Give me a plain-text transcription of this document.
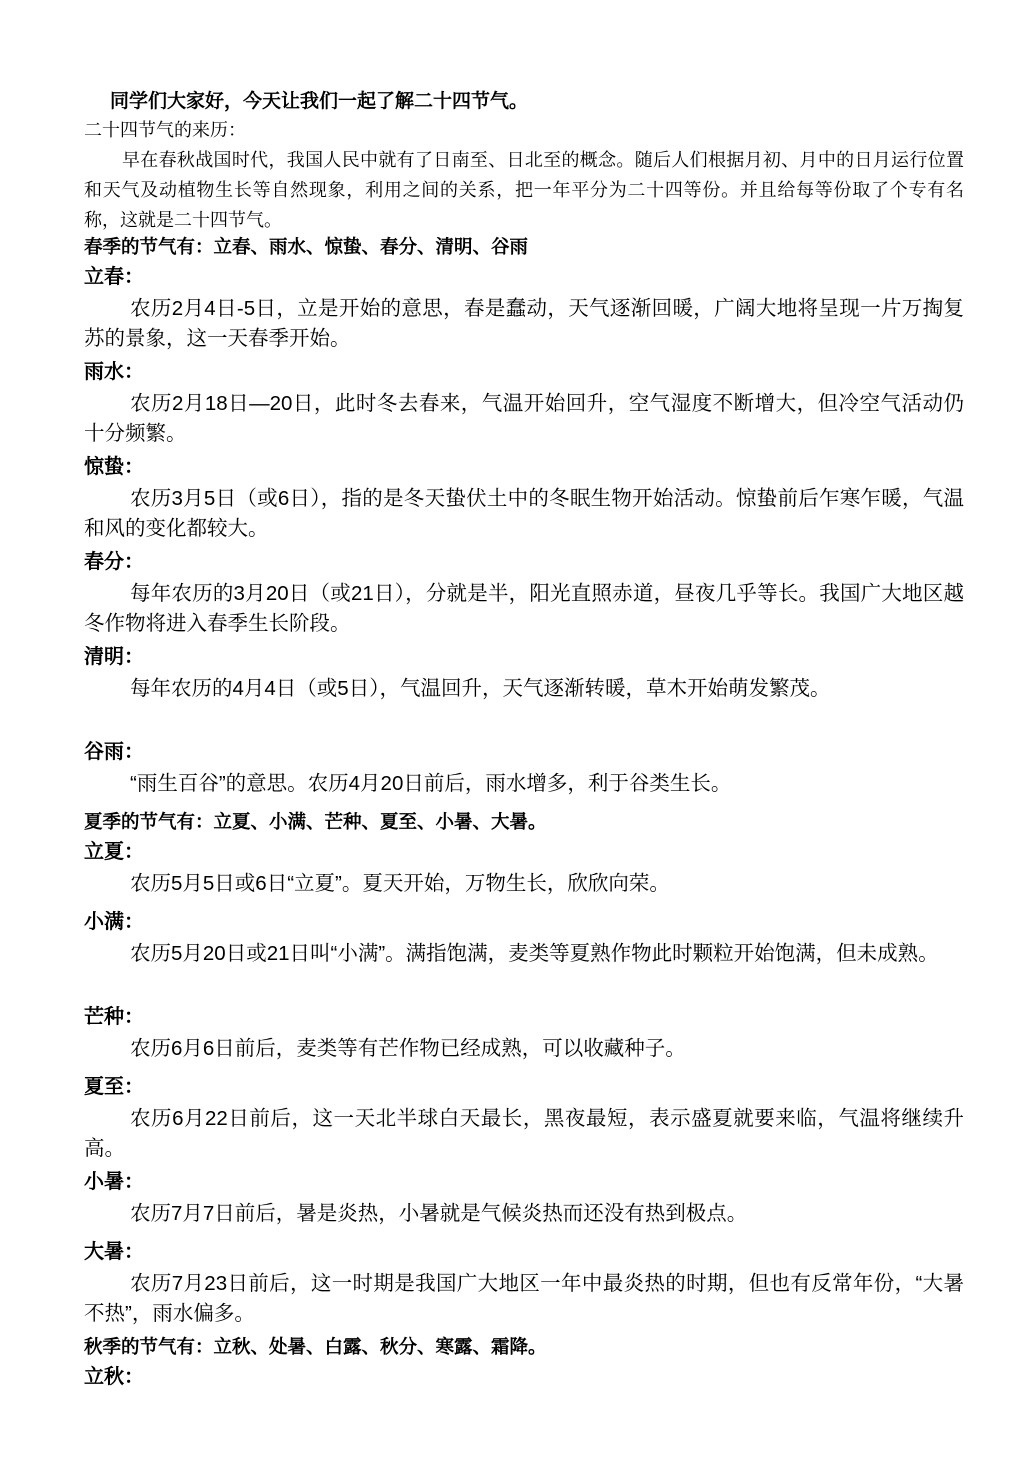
同学们大家好，今天让我们一起了解二十四节气。
二十四节气的来历：

早在春秋战国时代，我国人民中就有了日南至、日北至的概念。随后人们根据月初、月中的日月运行位置和天气及动植物生长等自然现象，利用之间的关系，把一年平分为二十四等份。并且给每等份取了个专有名称，这就是二十四节气。

春季的节气有：立春、雨水、惊蛰、春分、清明、谷雨
立春：

农历2月4日-5日，立是开始的意思，春是蠢动，天气逐渐回暖，广阔大地将呈现一片万掏复苏的景象，这一天春季开始。

雨水：

农历2月18日—20日，此时冬去春来，气温开始回升，空气湿度不断增大，但冷空气活动仍十分频繁。

惊蛰：

农历3月5日（或6日），指的是冬天蛰伏土中的冬眠生物开始活动。惊蛰前后乍寒乍暖，气温和风的变化都较大。

春分：

每年农历的3月20日（或21日），分就是半，阳光直照赤道，昼夜几乎等长。我国广大地区越冬作物将进入春季生长阶段。

清明：

每年农历的4月4日（或5日），气温回升，天气逐渐转暖，草木开始萌发繁茂。

谷雨：

“雨生百谷”的意思。农历4月20日前后，雨水增多，利于谷类生长。

夏季的节气有：立夏、小满、芒种、夏至、小暑、大暑。
立夏：

农历5月5日或6日“立夏”。夏天开始，万物生长，欣欣向荣。

小满：

农历5月20日或21日叫“小满”。满指饱满，麦类等夏熟作物此时颗粒开始饱满，但未成熟。

芒种：

农历6月6日前后，麦类等有芒作物已经成熟，可以收藏种子。

夏至：

农历6月22日前后，这一天北半球白天最长，黑夜最短，表示盛夏就要来临，气温将继续升高。

小暑：

农历7月7日前后，暑是炎热，小暑就是气候炎热而还没有热到极点。

大暑：

农历7月23日前后，这一时期是我国广大地区一年中最炎热的时期，但也有反常年份，“大暑不热”，雨水偏多。

秋季的节气有：立秋、处暑、白露、秋分、寒露、霜降。
立秋：
